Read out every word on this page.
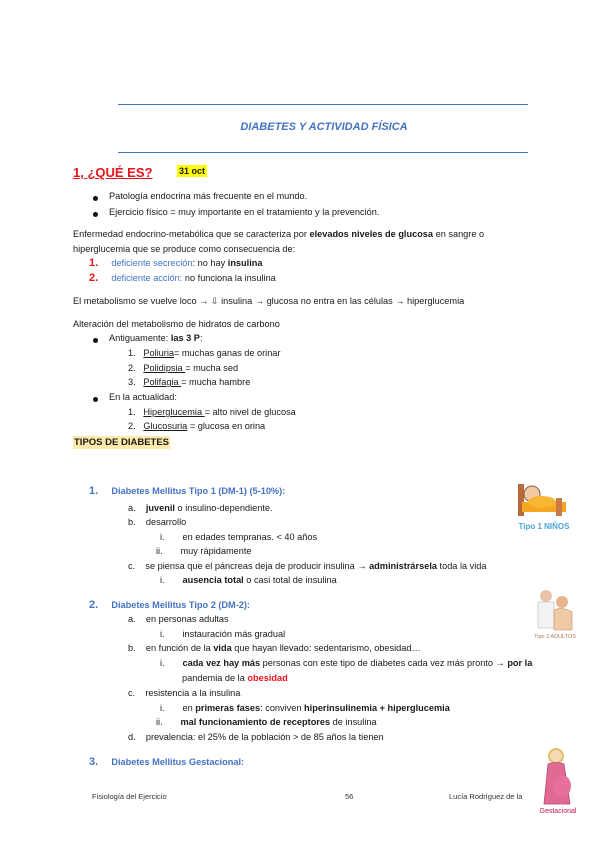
DIABETES Y ACTIVIDAD FÍSICA
1, ¿QUÉ ES?	31 oct
Patología endocrina más frecuente en el mundo.
Ejercicio físico = muy importante en el tratamiento y la prevención.
Enfermedad endocrino-metabólica que se caracteriza por elevados niveles de glucosa en sangre o
hiperglucemia que se produce como consecuencia de:
1. deficiente secreción: no hay insulina
2. deficiente acción: no funciona la insulina
El metabolismo se vuelve loco → ⇩ insulina → glucosa no entra en las células → hiperglucemia
Alteración del metabolismo de hidratos de carbono
Antiguamente: las 3 P:
1. Poliuria= muchas ganas de orinar
2. Polidipsia = mucha sed
3. Polifagia = mucha hambre
En la actualidad:
1. Hiperglucemia = alto nivel de glucosa
2. Glucosuria = glucosa en orina
TIPOS DE DIABETES
1. Diabetes Mellitus Tipo 1 (DM-1) (5-10%):
a.    juvenil o insulino-dependiente.
b.    desarrollo
i.       en edades tempranas. < 40 años
ii.       muy rápidamente
c.    se piensa que el páncreas deja de producir insulina → administrársela toda la vida
i.       ausencia total o casi total de insulina
Tipo 1 NIÑOS
2. Diabetes Mellitus Tipo 2 (DM-2):
a.    en personas adultas
i.       instauración más gradual
b.    en función de la vida que hayan llevado: sedentarismo, obesidad…
i.       cada vez hay más personas con este tipo de diabetes cada vez más pronto → por la
pandemia de la obesidad
c.    resistencia a la insulina
i.       en primeras fases: conviven hiperinsulinemia + hiperglucemia
ii.       mal funcionamiento de receptores de insulina
d.    prevalencia: el 25% de la población > de 85 años la tienen
Tipo 2 ADULTOS
3. Diabetes Mellitus Gestacional:
Gestacional
Fisiología del Ejercicio	56	Lucía Rodríguez de la
